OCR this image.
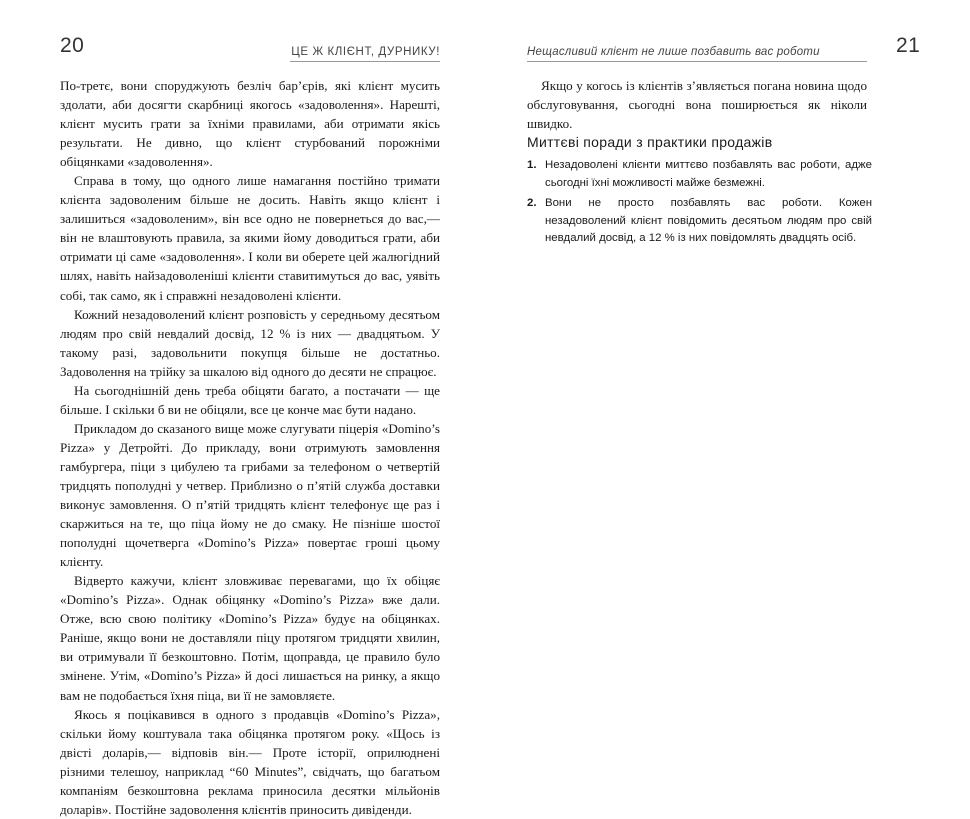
20	ЦЕ Ж КЛІЄНТ, ДУРНИКУ!

По-третє, вони споруджують безліч бар’єрів, які клієнт мусить здолати, аби досягти скарбниці якогось «задоволення». Нарешті, клієнт мусить грати за їхніми правилами, аби отримати якісь результати. Не дивно, що клієнт стурбований порожніми обіцянками «задоволення».

Справа в тому, що одного лише намагання постійно тримати клієнта задоволеним більше не досить. Навіть якщо клієнт і залишиться «задоволеним», він все одно не повернеться до вас,— він не влаштовують правила, за якими йому доводиться грати, аби отримати ці саме «задоволення». І коли ви оберете цей жалюгідний шлях, навіть найзадоволеніші клієнти ставитимуться до вас, уявіть собі, так само, як і справжні незадоволені клієнти.

Кожний незадоволений клієнт розповість у середньому десятьом людям про свій невдалий досвід, 12 % із них — двадцятьом. У такому разі, задовольнити покупця більше не достатньо. Задоволення на трійку за шкалою від одного до десяти не спрацює.

На сьогоднішній день треба обіцяти багато, а постачати — ще більше. І скільки б ви не обіцяли, все це конче має бути надано.

Прикладом до сказаного вище може слугувати піцерія «Domino’s Pizza» у Детройті. До прикладу, вони отримують замовлення гамбургера, піци з цибулею та грибами за телефоном о четвертій тридцять пополудні у четвер. Приблизно о п’ятій служба доставки виконує замовлення. О п’ятій тридцять клієнт телефонує ще раз і скаржиться на те, що піца йому не до смаку. Не пізніше шостої пополудні щочетверга «Domino’s Pizza» повертає гроші цьому клієнту.

Відверто кажучи, клієнт зловживає перевагами, що їх обіцяє «Domino’s Pizza». Однак обіцянку «Domino’s Pizza» вже дали. Отже, всю свою політику «Domino’s Pizza» будує на обіцянках. Раніше, якщо вони не доставляли піцу протягом тридцяти хвилин, ви отримували її безкоштовно. Потім, щоправда, це правило було змінене. Утім, «Domino’s Pizza» й досі лишається на ринку, а якщо вам не подобається їхня піца, ви її не замовляєте.

Якось я поцікавився в одного з продавців «Domino’s Pizza», скільки йому коштувала така обіцянка протягом року. «Щось із двісті доларів,— відповів він.— Проте історії, оприлюднені різними телешоу, наприклад “60 Minutes”, свідчать, що багатьом компаніям безкоштовна реклама приносила десятки мільйонів доларів». Постійне задоволення клієнтів приносить дивіденди.

21
Нещасливий клієнт не лише позбавить вас роботи

Якщо у когось із клієнтів з’являється погана новина щодо обслуговування, сьогодні вона поширюється як ніколи швидко.

Миттєві поради з практики продажів
1. Незадоволені клієнти миттєво позбавлять вас роботи, адже сьогодні їхні можливості майже безмежні.
2. Вони не просто позбавлять вас роботи. Кожен незадоволений клієнт повідомить десятьом людям про свій невдалий досвід, а 12 % із них повідомлять двадцять осіб.
